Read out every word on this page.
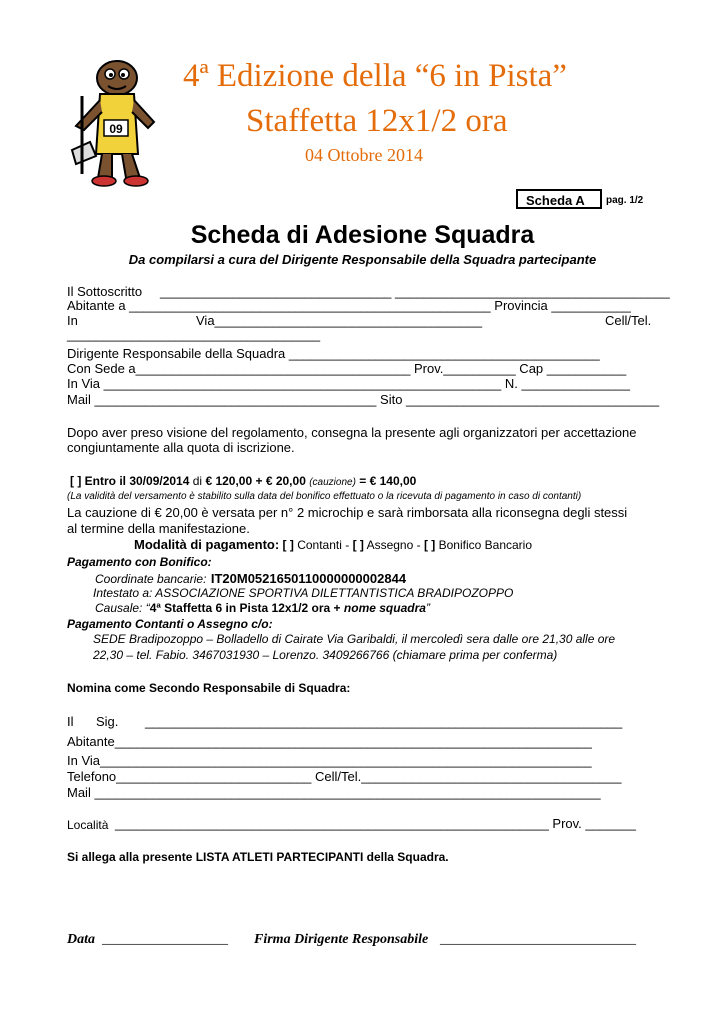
09
4ª Edizione della “6 in Pista”
Staffetta 12x1/2 ora
04 Ottobre 2014
Scheda A	pag. 1/2
Scheda di Adesione Squadra
Da compilarsi a cura del Dirigente Responsabile della Squadra partecipante
Il Sottoscritto ________________________________ ______________________________________
Abitante a __________________________________________________ Provincia ___________
In	Via_____________________________________	Cell/Tel.
___________________________________
Dirigente Responsabile della Squadra ___________________________________________
Con Sede a______________________________________ Prov.__________ Cap ___________
In Via _______________________________________________________ N. _______________
Mail _______________________________________ Sito ___________________________________
Dopo aver preso visione del regolamento, consegna la presente agli organizzatori per accettazione
congiuntamente alla quota di iscrizione.
[ ] Entro il 30/09/2014 di € 120,00 + € 20,00 (cauzione) = € 140,00
(La validità del versamento è stabilito sulla data del bonifico effettuato o la ricevuta di pagamento in caso di contanti)
La cauzione di € 20,00 è versata per n° 2 microchip e sarà rimborsata alla riconsegna degli stessi
al termine della manifestazione.
Modalità di pagamento: [ ] Contanti - [ ] Assegno - [ ] Bonifico Bancario
Pagamento con Bonifico:
Coordinate bancarie: IT20M0521650110000000002844
Intestato a: ASSOCIAZIONE SPORTIVA DILETTANTISTICA BRADIPOZOPPO
Causale: “4ª Staffetta 6 in Pista 12x1/2 ora + nome squadra”
Pagamento Contanti o Assegno c/o:
SEDE Bradipozoppo – Bolladello di Cairate Via Garibaldi, il mercoledì sera dalle ore 21,30 alle ore
22,30 – tel. Fabio. 3467031930 – Lorenzo. 3409266766 (chiamare prima per conferma)
Nomina come Secondo Responsabile di Squadra:
Il Sig. __________________________________________________________________
Abitante__________________________________________________________________
In Via____________________________________________________________________
Telefono___________________________ Cell/Tel.____________________________________
Mail ______________________________________________________________________
Località ____________________________________________________________ Prov. _______
Si allega alla presente LISTA ATLETI PARTECIPANTI della Squadra.
Data __________________ Firma Dirigente Responsabile ____________________________
